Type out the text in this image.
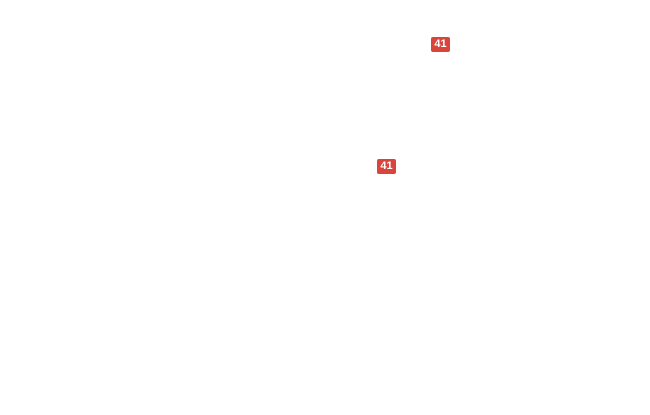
41
41
